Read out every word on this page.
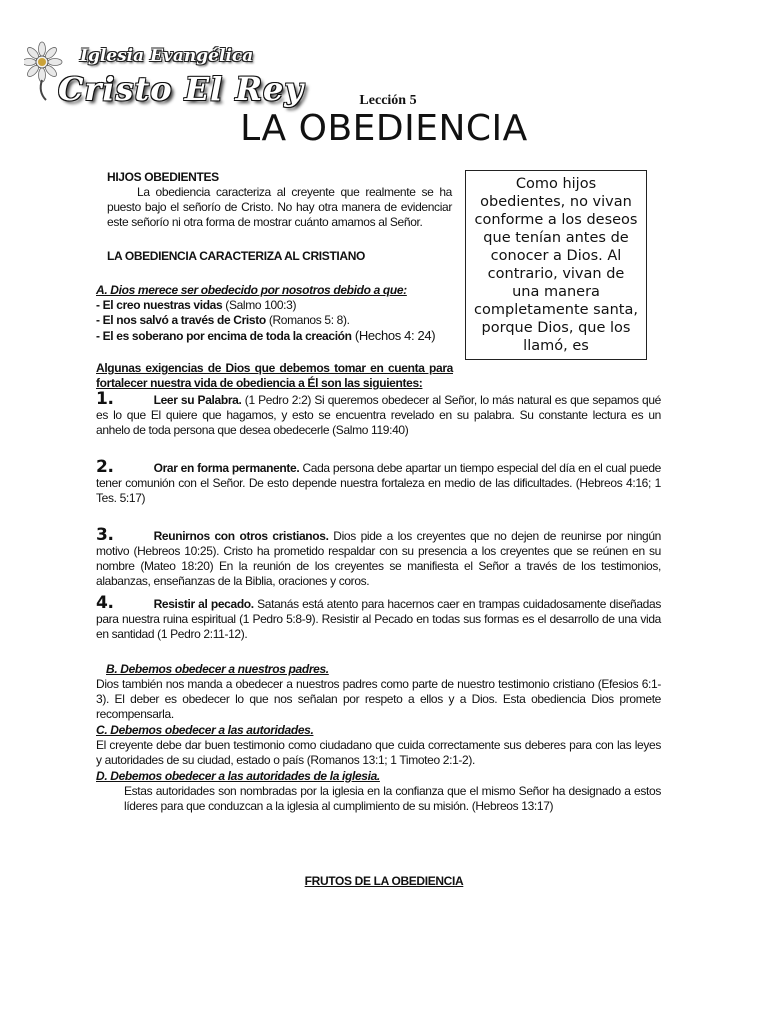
Iglesia Evangélica
Cristo El Rey	Lección 5
LA OBEDIENCIA
Como hijos obedientes, no vivan conforme a los deseos que tenían antes de conocer a Dios. Al contrario, vivan de una manera completamente santa, porque Dios, que los llamó, es
HIJOS OBEDIENTES
La obediencia caracteriza al creyente que realmente se ha
puesto bajo el señorío de Cristo. No hay otra manera de evidenciar
este señorío ni otra forma de mostrar cuánto amamos al Señor.
LA OBEDIENCIA CARACTERIZA AL CRISTIANO
A. Dios merece ser obedecido por nosotros debido a que:
- El creo nuestras vidas (Salmo 100:3)
- El nos salvó a través de Cristo (Romanos 5: 8).
- El es soberano por encima de toda la creación (Hechos 4: 24)
Algunas exigencias de Dios que debemos tomar en cuenta para
fortalecer nuestra vida de obediencia a Él son las siguientes:
1.	Leer su Palabra. (1 Pedro 2:2) Si queremos obedecer al Señor, lo más natural es que sepamos qué
es lo que El quiere que hagamos, y esto se encuentra revelado en su palabra. Su constante lectura es un
anhelo de toda persona que desea obedecerle (Salmo 119:40)
2.	Orar en forma permanente. Cada persona debe apartar un tiempo especial del día en el cual puede
tener comunión con el Señor. De esto depende nuestra fortaleza en medio de las dificultades. (Hebreos 4:16; 1
Tes. 5:17)
3.	Reunirnos con otros cristianos. Dios pide a los creyentes que no dejen de reunirse por ningún
motivo (Hebreos 10:25). Cristo ha prometido respaldar con su presencia a los creyentes que se reúnen en su
nombre (Mateo 18:20) En la reunión de los creyentes se manifiesta el Señor a través de los testimonios,
alabanzas, enseñanzas de la Biblia, oraciones y coros.
4.	Resistir al pecado. Satanás está atento para hacernos caer en trampas cuidadosamente diseñadas
para nuestra ruina espiritual (1 Pedro 5:8-9). Resistir al Pecado en todas sus formas es el desarrollo de una vida
en santidad (1 Pedro 2:11-12).
B. Debemos obedecer a nuestros padres.
Dios también nos manda a obedecer a nuestros padres como parte de nuestro testimonio cristiano (Efesios 6:1-
3). El deber es obedecer lo que nos señalan por respeto a ellos y a Dios. Esta obediencia Dios promete
recompensarla.
C. Debemos obedecer a las autoridades.
El creyente debe dar buen testimonio como ciudadano que cuida correctamente sus deberes para con las leyes
y autoridades de su ciudad, estado o país (Romanos 13:1; 1 Timoteo 2:1-2).
D. Debemos obedecer a las autoridades de la iglesia.
Estas autoridades son nombradas por la iglesia en la confianza que el mismo Señor ha designado a estos
líderes para que conduzcan a la iglesia al cumplimiento de su misión. (Hebreos 13:17)
FRUTOS DE LA OBEDIENCIA
